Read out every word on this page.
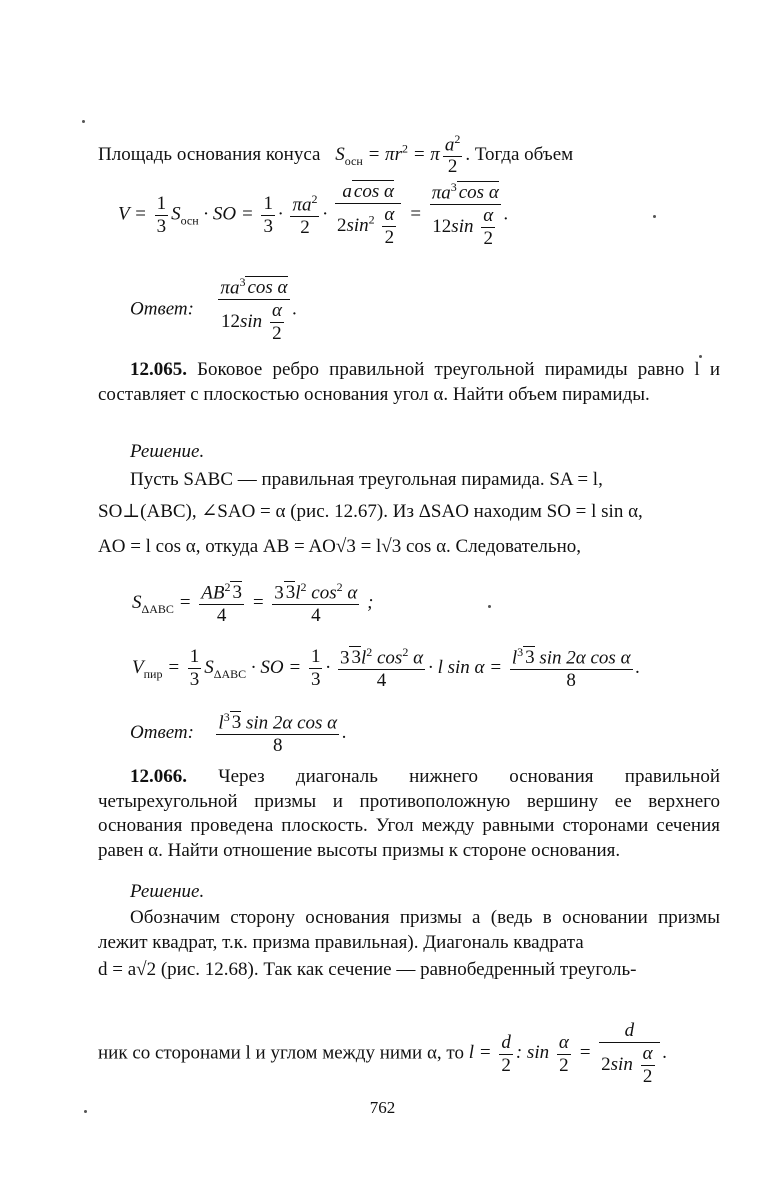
Площадь основания конуса $S_{осн} = \pi r^2 = \pi \frac{a^2}{2}$ . Тогда объем
$V = \frac{1}{3} S_{осн}$ · SO = $\frac{1}{3} \cdot \frac{\pi a^2}{2} \cdot \frac{\text{a cos α}}{2\sin^2 \frac{\alpha}{2}} = \frac{\pi a^3 \cos \alpha}{12\sin \frac{\alpha}{2}}$ .
Ответ: $\frac{\pi a^3 \cos \alpha}{12\sin \frac{\alpha}{2}}$ .
12.065. Боковое ребро правильной треугольной пирамиды равно l и составляет с плоскостью основания угол α. Найти объем пирамиды.
Решение.
Пусть SABC — правильная треугольная пирамида. SA = l,
SO⊥(ABC), ∠SAO = α (рис. 12.67). Из ΔSAO находим SO = l sin α,
AO = l cos α, откуда AB = AO√3 = l√3 cos α. Следовательно,
$S_{\Delta ABC} = \frac{AB^2 3}{4} = \frac{3 3l^2 \cos^2 \alpha}{4}$ ;
$V_{пир} = \frac{1}{3} S_{\Delta ABC}$ · SO = $\frac{1}{3} \cdot \frac{3 3l^2 \cos^2 \alpha}{4} \cdot l$ $\sin \alpha = \frac{l^3 3 \sin 2\alpha \cos \alpha}{8}$ .
Ответ: $\frac{l^3 3 \sin 2\alpha \cos \alpha}{8}$ .
12.066. Через диагональ нижнего основания правильной четырехугольной призмы и противоположную вершину ее верхнего основания проведена плоскость. Угол между равными сторонами сечения равен α. Найти отношение высоты призмы к стороне основания.
Решение.
Обозначим сторону основания призмы a (ведь в основании призмы лежит квадрат, т.к. призма правильная). Диагональ квадрата
d = a√2 (рис. 12.68). Так как сечение — равнобедренный треуголь-
ник со сторонами l и углом между ними α, то $l = \frac{d}{2}$ : $\sin \frac{\alpha}{2} = \frac{d}{2\sin \frac{\alpha}{2}}$ .
762
